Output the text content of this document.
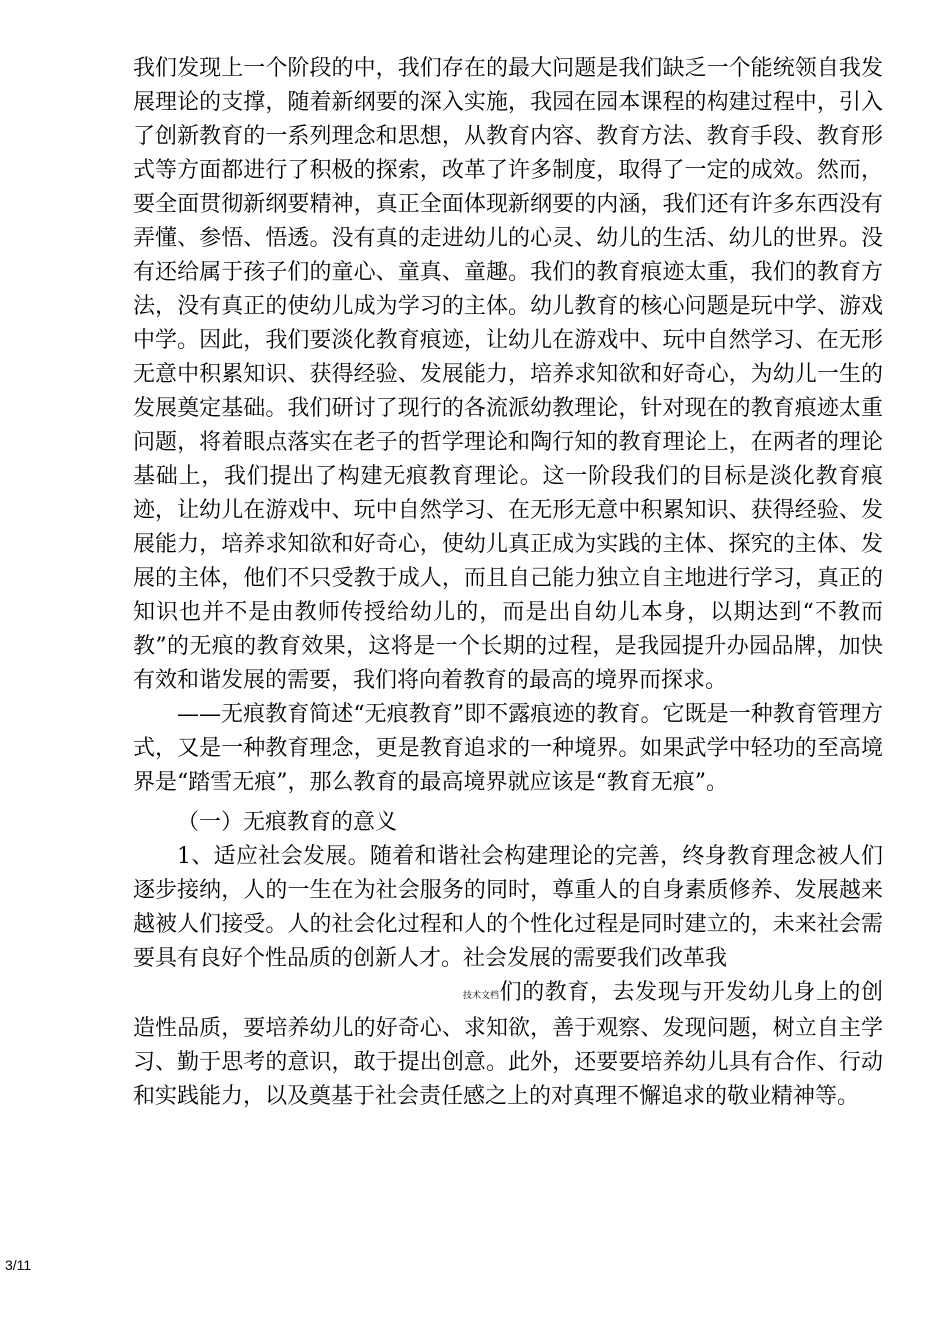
我们发现上一个阶段的中，我们存在的最大问题是我们缺乏一个能统领自我发展理论的支撑，随着新纲要的深入实施，我园在园本课程的构建过程中，引入了创新教育的一系列理念和思想，从教育内容、教育方法、教育手段、教育形式等方面都进行了积极的探索，改革了许多制度，取得了一定的成效。然而，要全面贯彻新纲要精神，真正全面体现新纲要的内涵，我们还有许多东西没有弄懂、参悟、悟透。没有真的走进幼儿的心灵、幼儿的生活、幼儿的世界。没有还给属于孩子们的童心、童真、童趣。我们的教育痕迹太重，我们的教育方法，没有真正的使幼儿成为学习的主体。幼儿教育的核心问题是玩中学、游戏中学。因此，我们要淡化教育痕迹，让幼儿在游戏中、玩中自然学习、在无形无意中积累知识、获得经验、发展能力，培养求知欲和好奇心，为幼儿一生的发展奠定基础。我们研讨了现行的各流派幼教理论，针对现在的教育痕迹太重问题，将着眼点落实在老子的哲学理论和陶行知的教育理论上，在两者的理论基础上，我们提出了构建无痕教育理论。这一阶段我们的目标是淡化教育痕迹，让幼儿在游戏中、玩中自然学习、在无形无意中积累知识、获得经验、发展能力，培养求知欲和好奇心，使幼儿真正成为实践的主体、探究的主体、发展的主体，他们不只受教于成人，而且自己能力独立自主地进行学习，真正的知识也并不是由教师传授给幼儿的，而是出自幼儿本身，以期达到“不教而教”的无痕的教育效果，这将是一个长期的过程，是我园提升办园品牌，加快有效和谐发展的需要，我们将向着教育的最高的境界而探求。

——无痕教育简述“无痕教育”即不露痕迹的教育。它既是一种教育管理方式，又是一种教育理念，更是教育追求的一种境界。如果武学中轻功的至高境界是“踏雪无痕”，那么教育的最高境界就应该是“教育无痕”。

（一）无痕教育的意义

1、适应社会发展。随着和谐社会构建理论的完善，终身教育理念被人们逐步接纳，人的一生在为社会服务的同时，尊重人的自身素质修养、发展越来越被人们接受。人的社会化过程和人的个性化过程是同时建立的，未来社会需要具有良好个性品质的创新人才。社会发展的需要我们改革我

技术文档们的教育，去发现与开发幼儿身上的创造性品质，要培养幼儿的好奇心、求知欲，善于观察、发现问题，树立自主学习、勤于思考的意识，敢于提出创意。此外，还要要培养幼儿具有合作、行动和实践能力，以及奠基于社会责任感之上的对真理不懈追求的敬业精神等。

3/11
